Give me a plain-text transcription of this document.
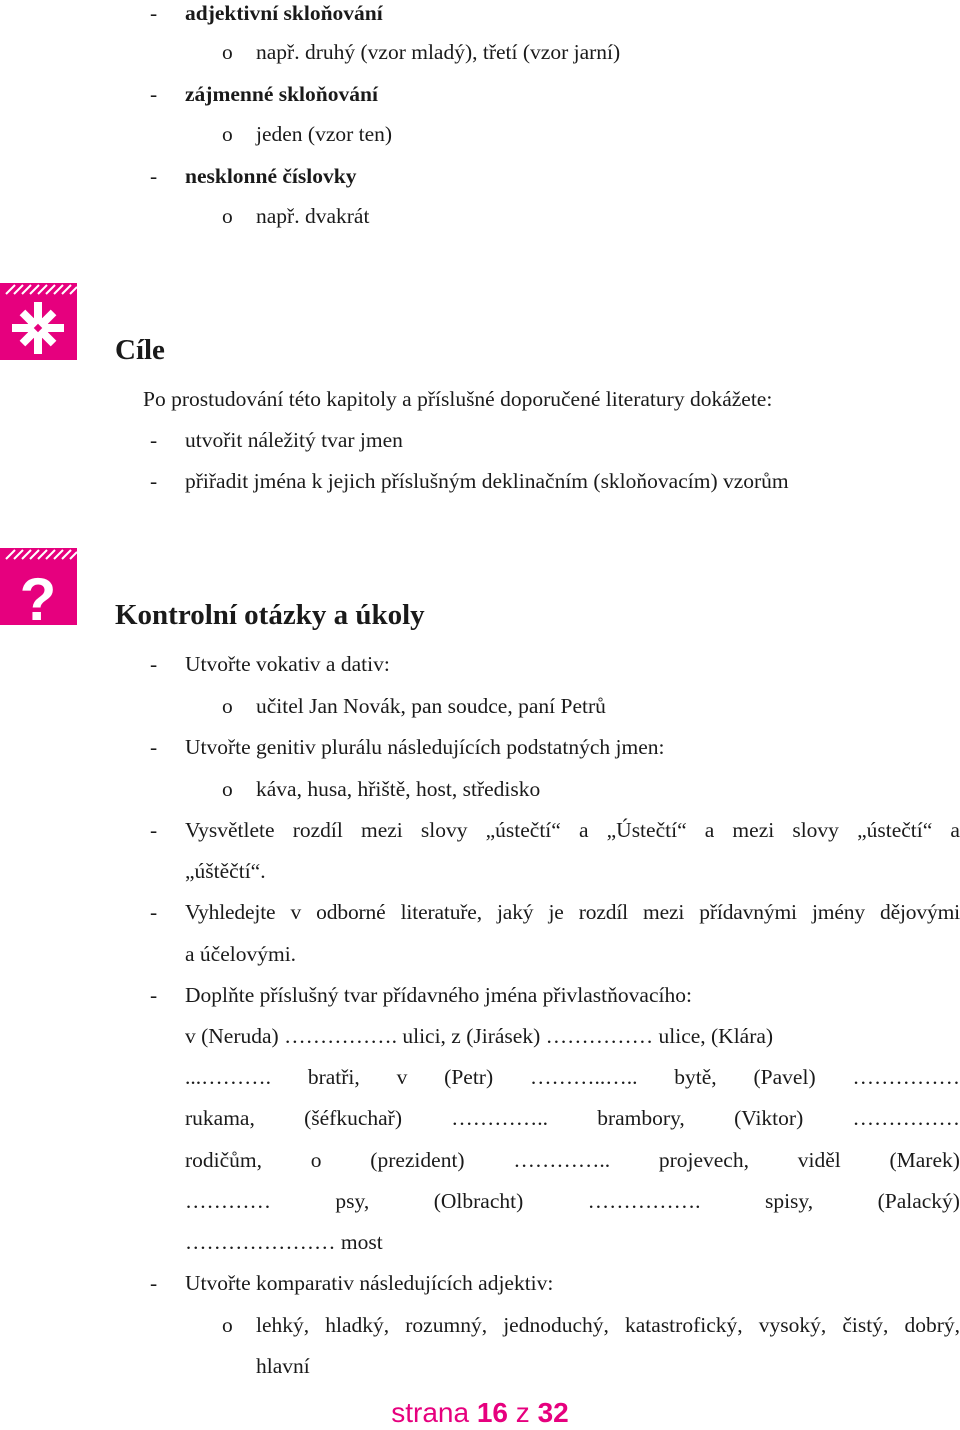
- adjektivní skloňování
o např. druhý (vzor mladý), třetí (vzor jarní)
- zájmenné skloňování
o jeden (vzor ten)
- nesklonné číslovky
o např. dvakrát
Cíle
Po prostudování této kapitoly a příslušné doporučené literatury dokážete:
- utvořit náležitý tvar jmen
- přiřadit jména k jejich příslušným deklinačním (skloňovacím) vzorům
? Kontrolní otázky a úkoly
- Utvořte vokativ a dativ:
o učitel Jan Novák, pan soudce, paní Petrů
- Utvořte genitiv plurálu následujících podstatných jmen:
o káva, husa, hřiště, host, středisko
- Vysvětlete rozdíl mezi slovy „ústečtí“ a „Ústečtí“ a mezi slovy „ústečtí“ a
„úštěčtí“.
- Vyhledejte v odborné literatuře, jaký je rozdíl mezi přídavnými jmény dějovými
a účelovými.
- Doplňte příslušný tvar přídavného jména přivlastňovacího:
v (Neruda) ……………. ulici, z (Jirásek) …………… ulice, (Klára)
...………. bratři, v (Petr) ………..….. bytě, (Pavel) ……………
rukama, (šéfkuchař) ………….. brambory, (Viktor) ……………
rodičům, o (prezident) ………….. projevech, viděl (Marek)
…………	psy,	(Olbracht)	…………….	spisy,	(Palacký)
………………… most
- Utvořte komparativ následujících adjektiv:
o lehký, hladký, rozumný, jednoduchý, katastrofický, vysoký, čistý, dobrý,
hlavní
strana 16 z 32
